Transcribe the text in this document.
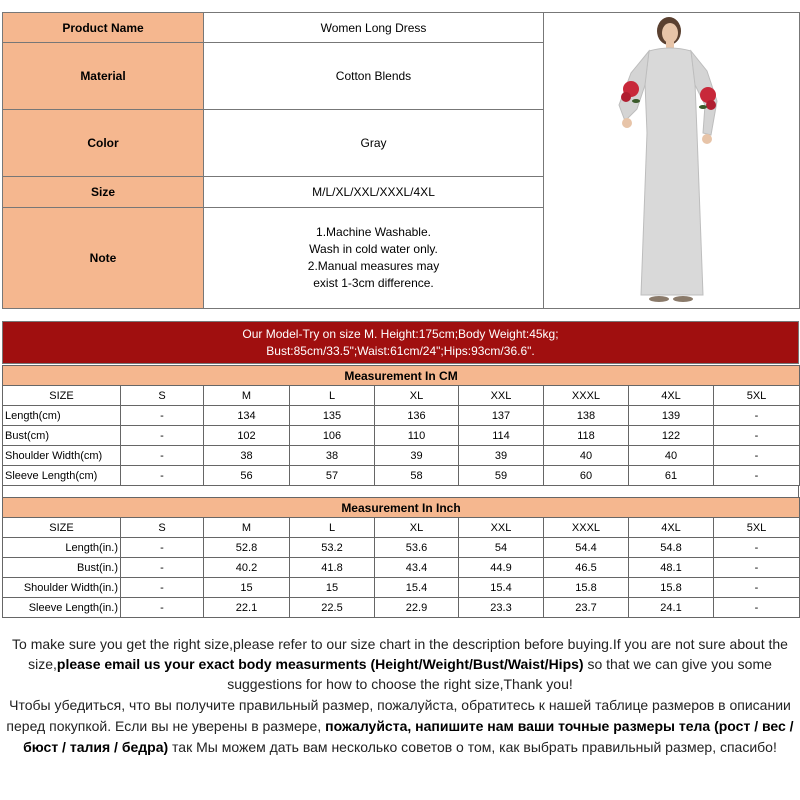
Product Name	Women Long Dress	
Material	Cotton Blends	
Color	Gray	
Size	M/L/XL/XXL/XXXL/4XL	
Note	1.Machine Washable.
Wash in cold water only.
2.Manual measures may
exist 1-3cm difference.	
Our Model-Try on size M. Height:175cm;Body Weight:45kg;
Bust:85cm/33.5";Waist:61cm/24";Hips:93cm/36.6".
Measurement In CM								
SIZE	S	M	L	XL	XXL	XXXL	4XL	5XL
Length(cm)	-	134	135	136	137	138	139	-
Bust(cm)	-	102	106	110	114	118	122	-
Shoulder Width(cm)	-	38	38	39	39	40	40	-
Sleeve Length(cm)	-	56	57	58	59	60	61	-
Measurement In Inch								
SIZE	S	M	L	XL	XXL	XXXL	4XL	5XL
Length(in.)	-	52.8	53.2	53.6	54	54.4	54.8	-
Bust(in.)	-	40.2	41.8	43.4	44.9	46.5	48.1	-
Shoulder Width(in.)	-	15	15	15.4	15.4	15.8	15.8	-
Sleeve Length(in.)	-	22.1	22.5	22.9	23.3	23.7	24.1	-
To make sure you get the right size,please refer to our size chart in the description before buying.If you are not sure about the size,please email us your exact body measurments (Height/Weight/Bust/Waist/Hips) so that we can give you some suggestions for how to choose the right size,Thank you!
Чтобы убедиться, что вы получите правильный размер, пожалуйста, обратитесь к нашей таблице размеров в описании перед покупкой. Если вы не уверены в размере, пожалуйста, напишите нам ваши точные размеры тела (рост / вес / бюст / талия / бедра) так Мы можем дать вам несколько советов о том, как выбрать правильный размер, спасибо!
